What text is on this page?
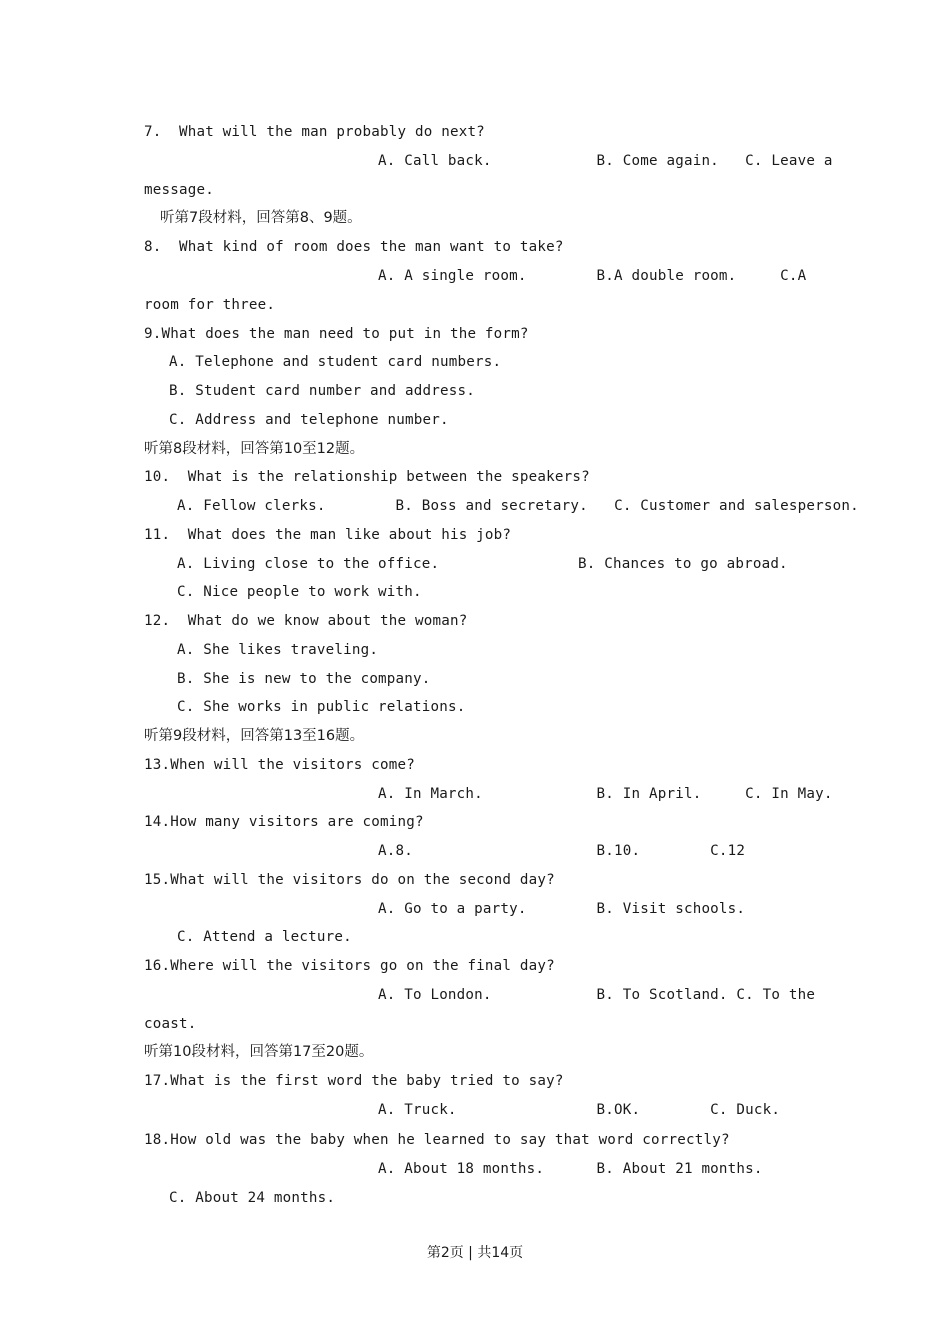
7.  What will the man probably do next?
A. Call back.            B. Come again.   C. Leave a
message.
听第7段材料，回答第8、9题。
8.  What kind of room does the man want to take?
A. A single room.        B.A double room.     C.A
room for three.
9.What does the man need to put in the form?
A. Telephone and student card numbers.
B. Student card number and address.
C. Address and telephone number.
听第8段材料，回答第10至12题。
10.  What is the relationship between the speakers?
A. Fellow clerks.        B. Boss and secretary.   C. Customer and salesperson.
11.  What does the man like about his job?
A. Living close to the office.	B. Chances to go abroad.
C. Nice people to work with.
12.  What do we know about the woman?
A. She likes traveling.
B. She is new to the company.
C. She works in public relations.
听第9段材料，回答第13至16题。
13.When will the visitors come?
A. In March.             B. In April.     C. In May.
14.How many visitors are coming?
A.8.                     B.10.        C.12
15.What will the visitors do on the second day?
A. Go to a party.        B. Visit schools.
C. Attend a lecture.
16.Where will the visitors go on the final day?
A. To London.            B. To Scotland. C. To the
coast.
听第10段材料，回答第17至20题。
17.What is the first word the baby tried to say?
A. Truck.                B.OK.        C. Duck.
18.How old was the baby when he learned to say that word correctly?
A. About 18 months.      B. About 21 months.
C. About 24 months.
第2页 | 共14页
